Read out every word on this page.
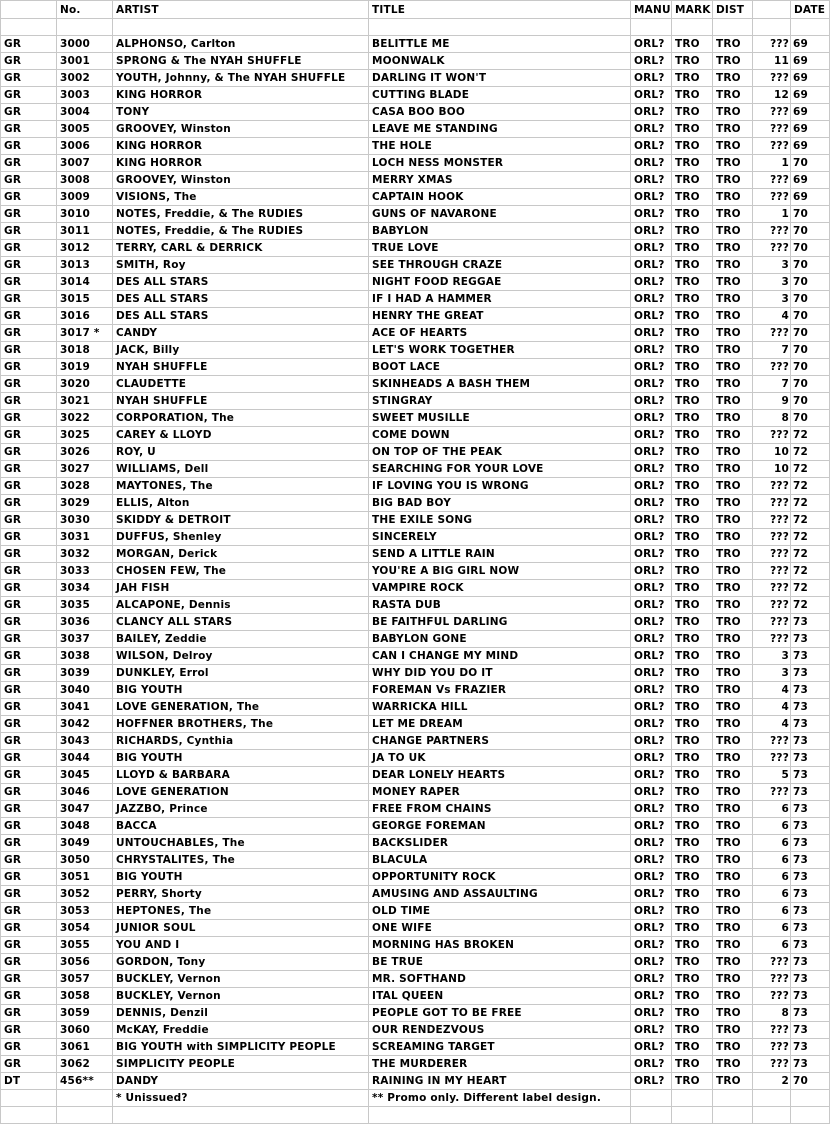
	No.	ARTIST	TITLE	MANU	MARK	DIST		DATE

GR	3000	ALPHONSO, Carlton	BELITTLE ME	ORL?	TRO	TRO	???	69
GR	3001	SPRONG & The NYAH SHUFFLE	MOONWALK	ORL?	TRO	TRO	11	69
GR	3002	YOUTH, Johnny, & The NYAH SHUFFLE	DARLING IT WON'T	ORL?	TRO	TRO	???	69
GR	3003	KING HORROR	CUTTING BLADE	ORL?	TRO	TRO	12	69
GR	3004	TONY	CASA BOO BOO	ORL?	TRO	TRO	???	69
GR	3005	GROOVEY, Winston	LEAVE ME STANDING	ORL?	TRO	TRO	???	69
GR	3006	KING HORROR	THE HOLE	ORL?	TRO	TRO	???	69
GR	3007	KING HORROR	LOCH NESS MONSTER	ORL?	TRO	TRO	1	70
GR	3008	GROOVEY, Winston	MERRY XMAS	ORL?	TRO	TRO	???	69
GR	3009	VISIONS, The	CAPTAIN HOOK	ORL?	TRO	TRO	???	69
GR	3010	NOTES, Freddie, & The RUDIES	GUNS OF NAVARONE	ORL?	TRO	TRO	1	70
GR	3011	NOTES, Freddie, & The RUDIES	BABYLON	ORL?	TRO	TRO	???	70
GR	3012	TERRY, CARL & DERRICK	TRUE LOVE	ORL?	TRO	TRO	???	70
GR	3013	SMITH, Roy	SEE THROUGH CRAZE	ORL?	TRO	TRO	3	70
GR	3014	DES ALL STARS	NIGHT FOOD REGGAE	ORL?	TRO	TRO	3	70
GR	3015	DES ALL STARS	IF I HAD A HAMMER	ORL?	TRO	TRO	3	70
GR	3016	DES ALL STARS	HENRY THE GREAT	ORL?	TRO	TRO	4	70
GR	3017 *	CANDY	ACE OF HEARTS	ORL?	TRO	TRO	???	70
GR	3018	JACK, Billy	LET'S WORK TOGETHER	ORL?	TRO	TRO	7	70
GR	3019	NYAH SHUFFLE	BOOT LACE	ORL?	TRO	TRO	???	70
GR	3020	CLAUDETTE	SKINHEADS A BASH THEM	ORL?	TRO	TRO	7	70
GR	3021	NYAH SHUFFLE	STINGRAY	ORL?	TRO	TRO	9	70
GR	3022	CORPORATION, The	SWEET MUSILLE	ORL?	TRO	TRO	8	70
GR	3025	CAREY & LLOYD	COME DOWN	ORL?	TRO	TRO	???	72
GR	3026	ROY, U	ON TOP OF THE PEAK	ORL?	TRO	TRO	10	72
GR	3027	WILLIAMS, Dell	SEARCHING FOR YOUR LOVE	ORL?	TRO	TRO	10	72
GR	3028	MAYTONES, The	IF LOVING YOU IS WRONG	ORL?	TRO	TRO	???	72
GR	3029	ELLIS, Alton	BIG BAD BOY	ORL?	TRO	TRO	???	72
GR	3030	SKIDDY & DETROIT	THE EXILE SONG	ORL?	TRO	TRO	???	72
GR	3031	DUFFUS, Shenley	SINCERELY	ORL?	TRO	TRO	???	72
GR	3032	MORGAN, Derick	SEND A LITTLE RAIN	ORL?	TRO	TRO	???	72
GR	3033	CHOSEN FEW, The	YOU'RE A BIG GIRL NOW	ORL?	TRO	TRO	???	72
GR	3034	JAH FISH	VAMPIRE ROCK	ORL?	TRO	TRO	???	72
GR	3035	ALCAPONE, Dennis	RASTA DUB	ORL?	TRO	TRO	???	72
GR	3036	CLANCY ALL STARS	BE FAITHFUL DARLING	ORL?	TRO	TRO	???	73
GR	3037	BAILEY, Zeddie	BABYLON GONE	ORL?	TRO	TRO	???	73
GR	3038	WILSON, Delroy	CAN I CHANGE MY MIND	ORL?	TRO	TRO	3	73
GR	3039	DUNKLEY, Errol	WHY DID YOU DO IT	ORL?	TRO	TRO	3	73
GR	3040	BIG YOUTH	FOREMAN Vs FRAZIER	ORL?	TRO	TRO	4	73
GR	3041	LOVE GENERATION, The	WARRICKA HILL	ORL?	TRO	TRO	4	73
GR	3042	HOFFNER BROTHERS, The	LET ME DREAM	ORL?	TRO	TRO	4	73
GR	3043	RICHARDS, Cynthia	CHANGE PARTNERS	ORL?	TRO	TRO	???	73
GR	3044	BIG YOUTH	JA TO UK	ORL?	TRO	TRO	???	73
GR	3045	LLOYD & BARBARA	DEAR LONELY HEARTS	ORL?	TRO	TRO	5	73
GR	3046	LOVE GENERATION	MONEY RAPER	ORL?	TRO	TRO	???	73
GR	3047	JAZZBO, Prince	FREE FROM CHAINS	ORL?	TRO	TRO	6	73
GR	3048	BACCA	GEORGE FOREMAN	ORL?	TRO	TRO	6	73
GR	3049	UNTOUCHABLES, The	BACKSLIDER	ORL?	TRO	TRO	6	73
GR	3050	CHRYSTALITES, The	BLACULA	ORL?	TRO	TRO	6	73
GR	3051	BIG YOUTH	OPPORTUNITY ROCK	ORL?	TRO	TRO	6	73
GR	3052	PERRY, Shorty	AMUSING AND ASSAULTING	ORL?	TRO	TRO	6	73
GR	3053	HEPTONES, The	OLD TIME	ORL?	TRO	TRO	6	73
GR	3054	JUNIOR SOUL	ONE WIFE	ORL?	TRO	TRO	6	73
GR	3055	YOU AND I	MORNING HAS BROKEN	ORL?	TRO	TRO	6	73
GR	3056	GORDON, Tony	BE TRUE	ORL?	TRO	TRO	???	73
GR	3057	BUCKLEY, Vernon	MR. SOFTHAND	ORL?	TRO	TRO	???	73
GR	3058	BUCKLEY, Vernon	ITAL QUEEN	ORL?	TRO	TRO	???	73
GR	3059	DENNIS, Denzil	PEOPLE GOT TO BE FREE	ORL?	TRO	TRO	8	73
GR	3060	McKAY, Freddie	OUR RENDEZVOUS	ORL?	TRO	TRO	???	73
GR	3061	BIG YOUTH with SIMPLICITY PEOPLE	SCREAMING TARGET	ORL?	TRO	TRO	???	73
GR	3062	SIMPLICITY PEOPLE	THE MURDERER	ORL?	TRO	TRO	???	73
DT	456**	DANDY	RAINING IN MY HEART	ORL?	TRO	TRO	2	70
		* Unissued?	** Promo only. Different label design.					
